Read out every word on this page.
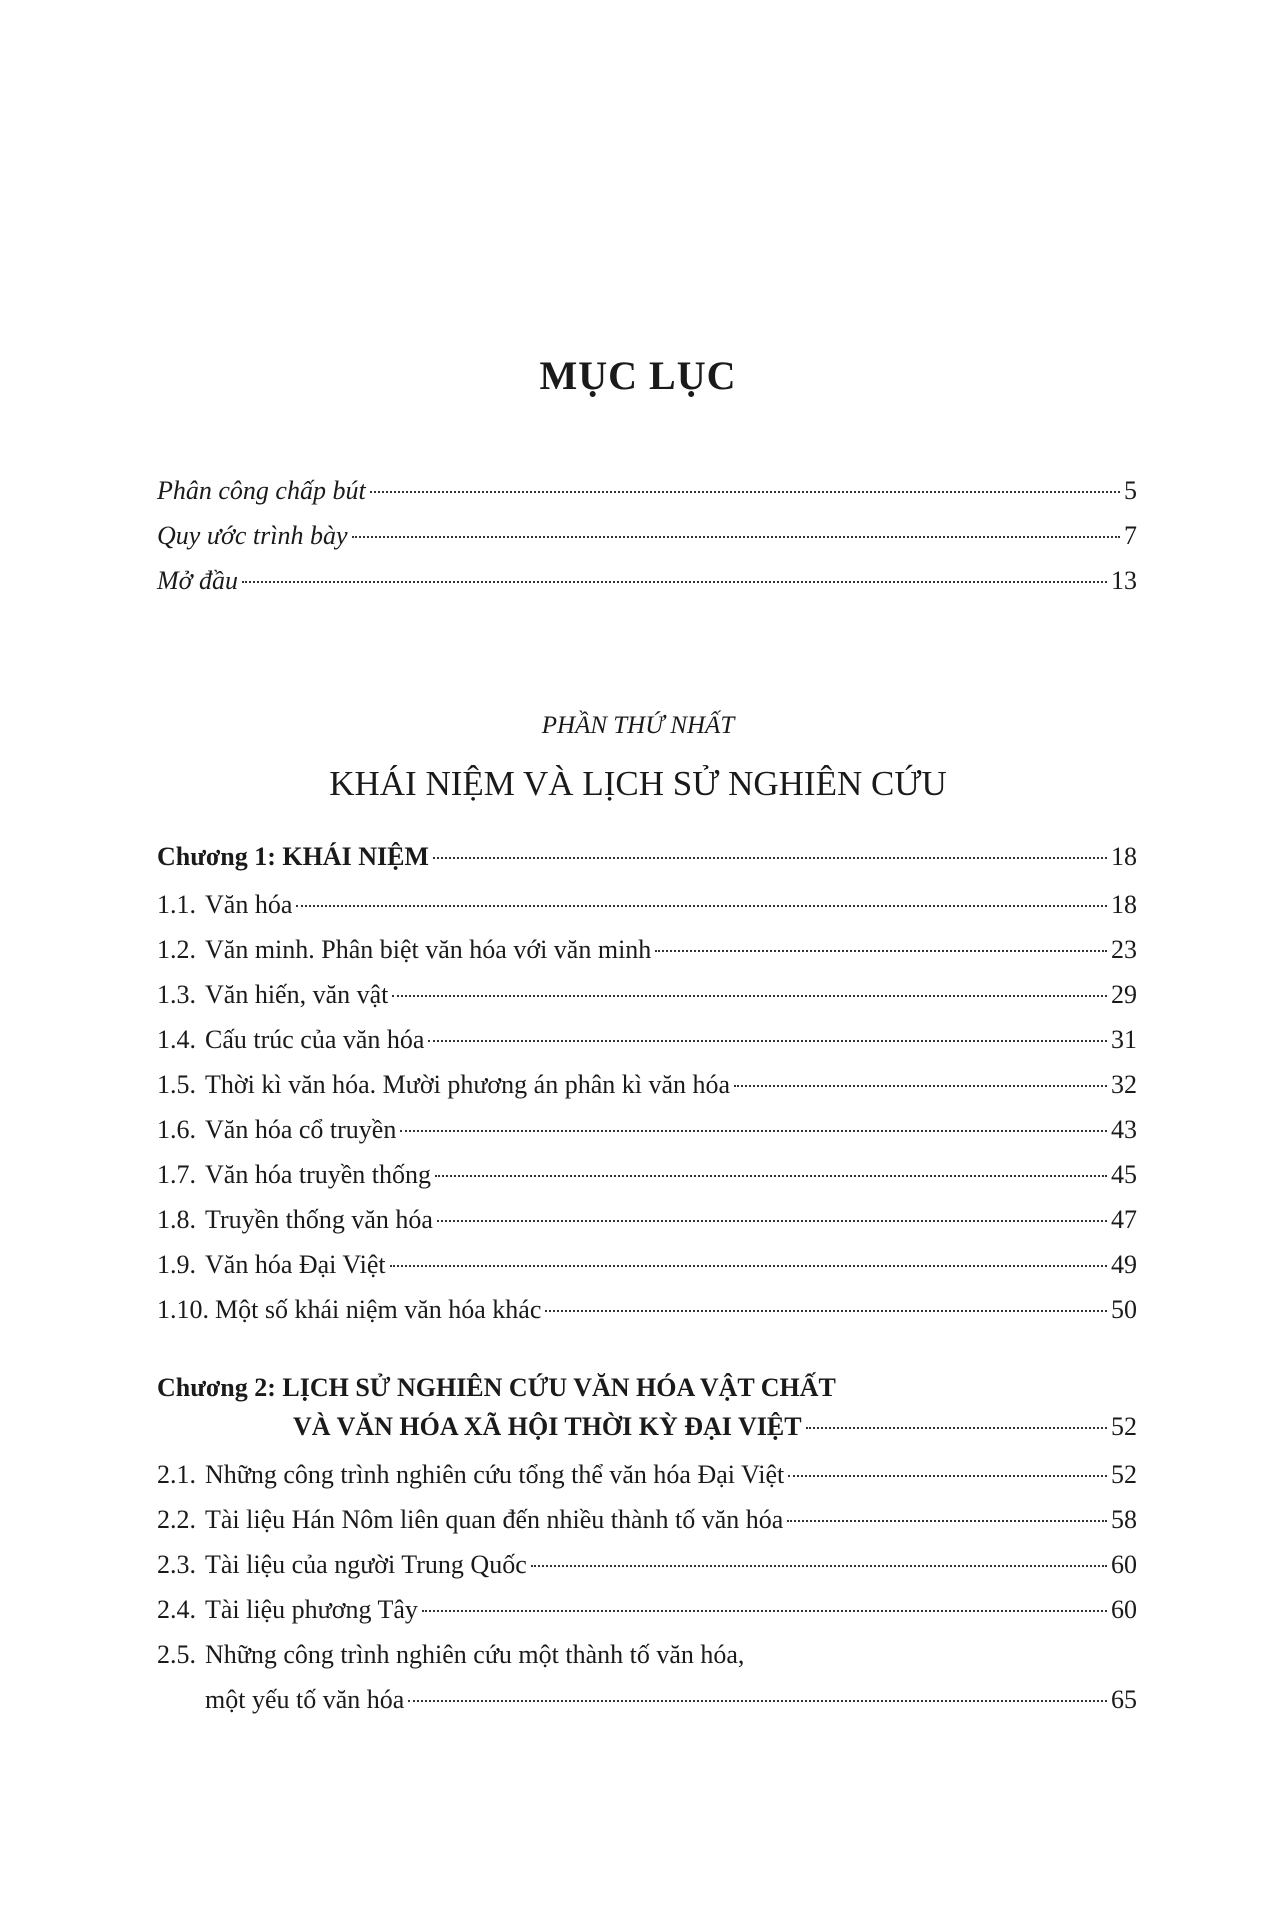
MỤC LỤC
Phân công chấp bút	5
Quy ước trình bày	7
Mở đầu	13
PHẦN THỨ NHẤT
KHÁI NIỆM VÀ LỊCH SỬ NGHIÊN CỨU
Chương 1: KHÁI NIỆM	18
1.1. Văn hóa	18
1.2. Văn minh. Phân biệt văn hóa với văn minh	23
1.3. Văn hiến, văn vật	29
1.4. Cấu trúc của văn hóa	31
1.5. Thời kì văn hóa. Mười phương án phân kì văn hóa	32
1.6. Văn hóa cổ truyền	43
1.7. Văn hóa truyền thống	45
1.8. Truyền thống văn hóa	47
1.9. Văn hóa Đại Việt	49
1.10. Một số khái niệm văn hóa khác	50
Chương 2: LỊCH SỬ NGHIÊN CỨU VĂN HÓA VẬT CHẤT
VÀ VĂN HÓA XÃ HỘI THỜI KỲ ĐẠI VIỆT	52
2.1. Những công trình nghiên cứu tổng thể văn hóa Đại Việt	52
2.2. Tài liệu Hán Nôm liên quan đến nhiều thành tố văn hóa	58
2.3. Tài liệu của người Trung Quốc	60
2.4. Tài liệu phương Tây	60
2.5. Những công trình nghiên cứu một thành tố văn hóa,
một yếu tố văn hóa	65
